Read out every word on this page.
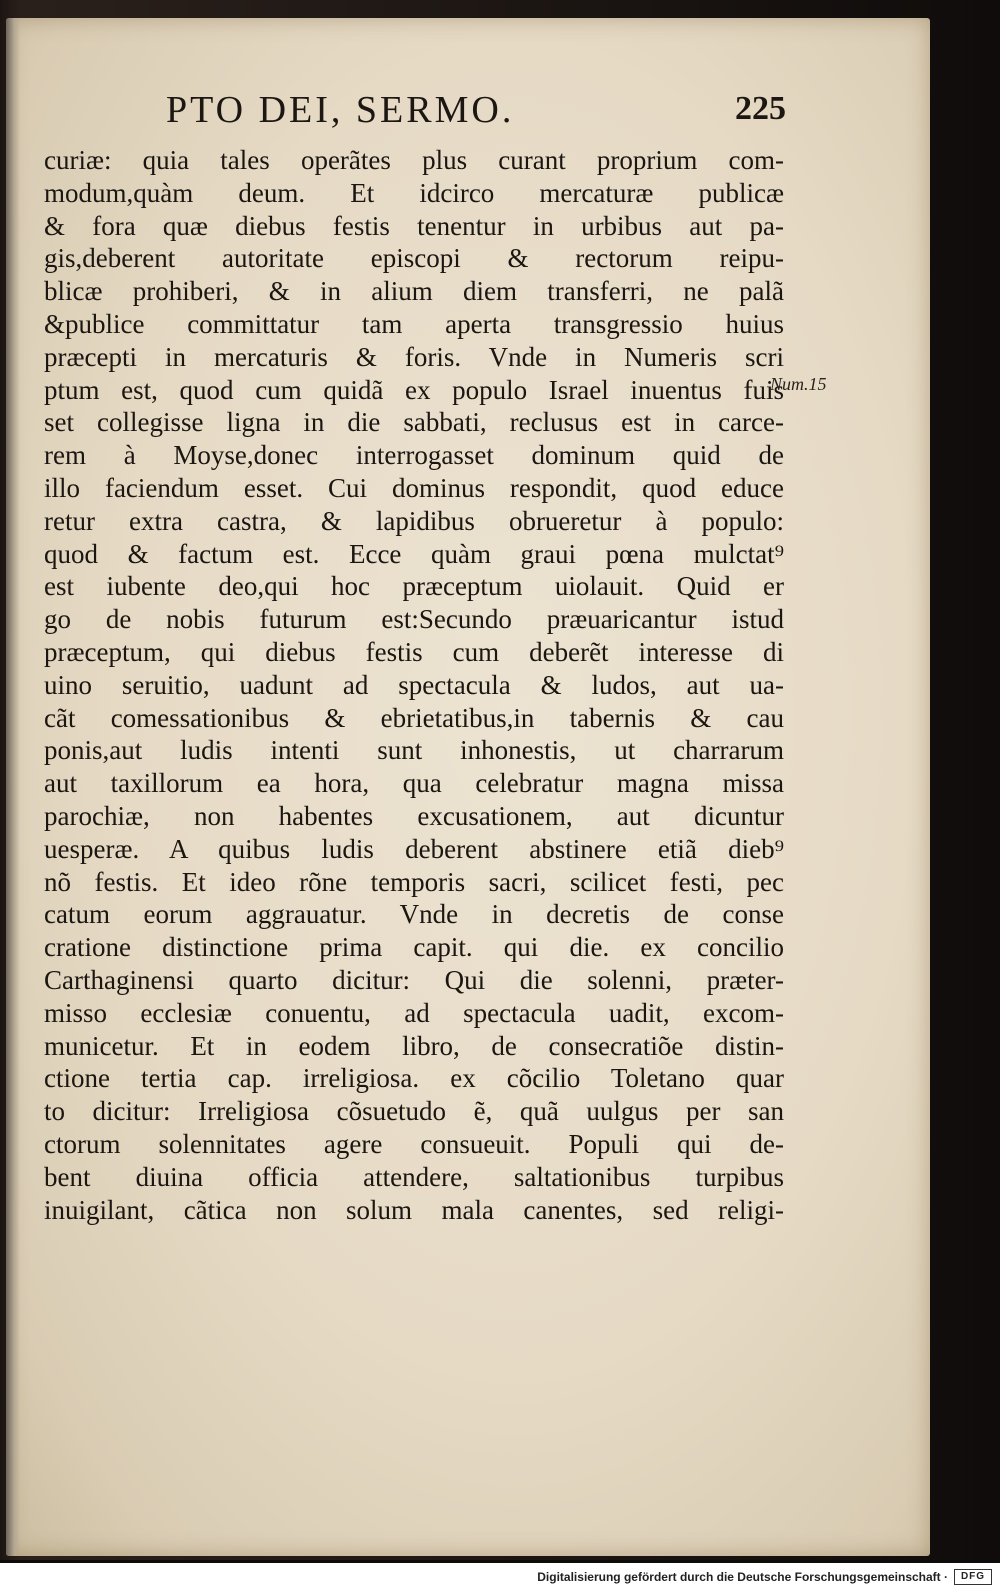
PTO DEI, SERMO.	225
curiæ: quia tales operãtes plus curant proprium com-
modum,quàm deum. Et idcirco mercaturæ publicæ
& fora quæ diebus festis tenentur in urbibus aut pa-
gis,deberent autoritate episcopi & rectorum reipu-
blicæ prohiberi, & in alium diem transferri, ne palã
&publice committatur tam aperta transgressio huius
præcepti in mercaturis & foris. Vnde in Numeris scri
ptum est, quod cum quidã ex populo Israel inuentus fuis
set collegisse ligna in die sabbati, reclusus est in carce-
rem à Moyse,donec interrogasset dominum quid de
illo faciendum esset. Cui dominus respondit, quod educe
retur extra castra, & lapidibus obrueretur à populo:
quod & factum est. Ecce quàm graui pœna mulctat⁹
est iubente deo,qui hoc præceptum uiolauit. Quid er
go de nobis futurum est:Secundo præuaricantur istud
præceptum, qui diebus festis cum deberẽt interesse di
uino seruitio, uadunt ad spectacula & ludos, aut ua-
cãt comessationibus & ebrietatibus,in tabernis & cau
ponis,aut ludis intenti sunt inhonestis, ut charrarum
aut taxillorum ea hora, qua celebratur magna missa
parochiæ, non habentes excusationem, aut dicuntur
uesperæ. A quibus ludis deberent abstinere etiã dieb⁹
nõ festis. Et ideo rõne temporis sacri, scilicet festi, pec
catum eorum aggrauatur. Vnde in decretis de conse
cratione distinctione prima capit. qui die. ex concilio
Carthaginensi quarto dicitur: Qui die solenni, præter-
misso ecclesiæ conuentu, ad spectacula uadit, excom-
municetur. Et in eodem libro, de consecratiõe distin-
ctione tertia cap. irreligiosa. ex cõcilio Toletano quar
to dicitur: Irreligiosa cõsuetudo ẽ, quã uulgus per san
ctorum solennitates agere consueuit. Populi qui de-
bent diuina officia attendere, saltationibus turpibus
inuigilant, cãtica non solum mala canentes, sed religi-
Num.15
Digitalisierung gefördert durch die Deutsche Forschungsgemeinschaft ·	DFG
